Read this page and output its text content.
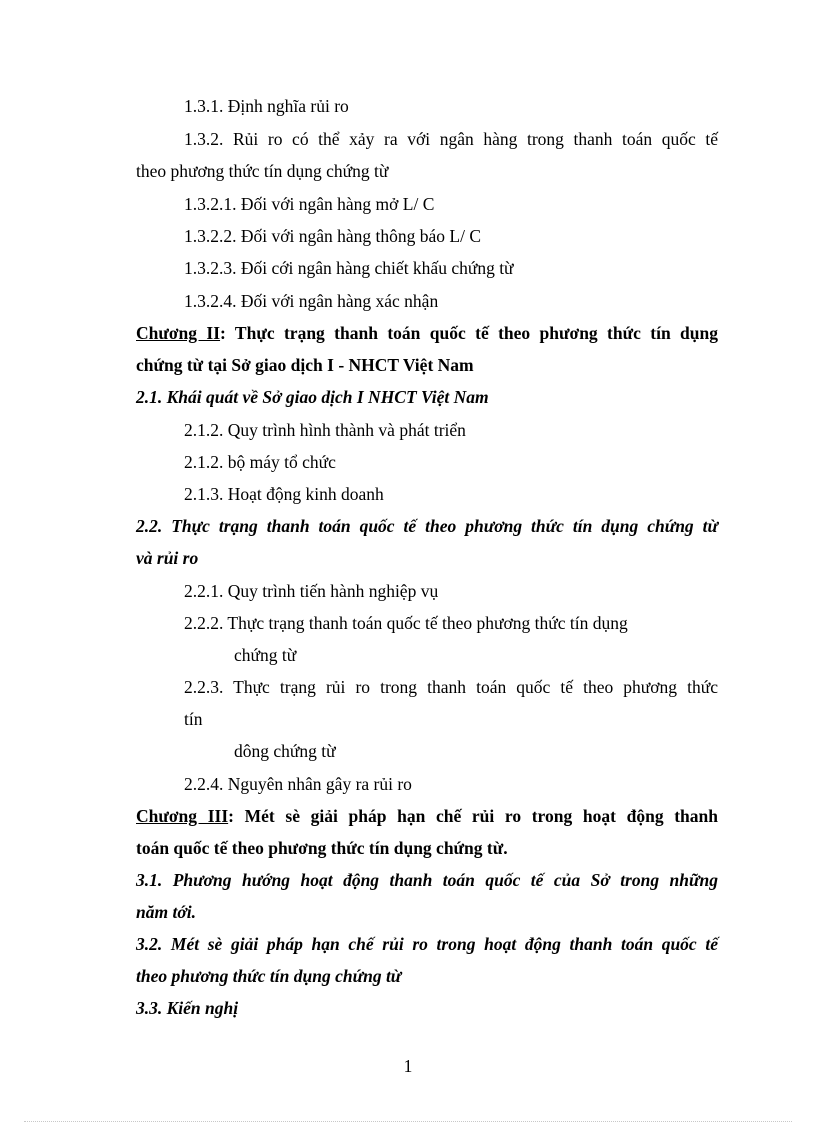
1.3.1. Định nghĩa rủi ro
1.3.2. Rủi ro có thể xảy ra với ngân hàng trong thanh toán quốc tế
theo phương thức tín dụng chứng từ
1.3.2.1. Đối với ngân hàng mở L/ C
1.3.2.2. Đối với ngân hàng thông báo L/ C
1.3.2.3. Đối cới ngân hàng chiết khấu chứng từ
1.3.2.4. Đối với ngân hàng xác nhận
Chương II: Thực trạng thanh toán quốc tế theo phương thức tín dụng
chứng từ tại Sở giao dịch I - NHCT Việt Nam
2.1. Khái quát về Sở giao dịch I NHCT Việt Nam
2.1.2. Quy trình hình thành và phát triển
2.1.2. bộ máy tổ chức
2.1.3. Hoạt động kinh doanh
2.2. Thực trạng thanh toán quốc tế theo phương thức tín dụng chứng từ
và rủi ro
2.2.1. Quy trình tiến hành nghiệp vụ
2.2.2. Thực trạng thanh toán quốc tế theo phương thức tín dụng
chứng từ
2.2.3. Thực trạng rủi ro trong thanh toán quốc tế theo phương thức
tín
dông chứng từ
2.2.4. Nguyên nhân gây ra rủi ro
Chương III: Mét sè giải pháp hạn chế rủi ro trong hoạt động thanh
toán quốc tế theo phương thức tín dụng chứng từ.
3.1. Phương hướng hoạt động thanh toán quốc tế của Sở trong những
năm tới.
3.2. Mét sè giải pháp hạn chế rủi ro trong hoạt động thanh toán quốc tế
theo phương thức tín dụng chứng từ
3.3. Kiến nghị
1
